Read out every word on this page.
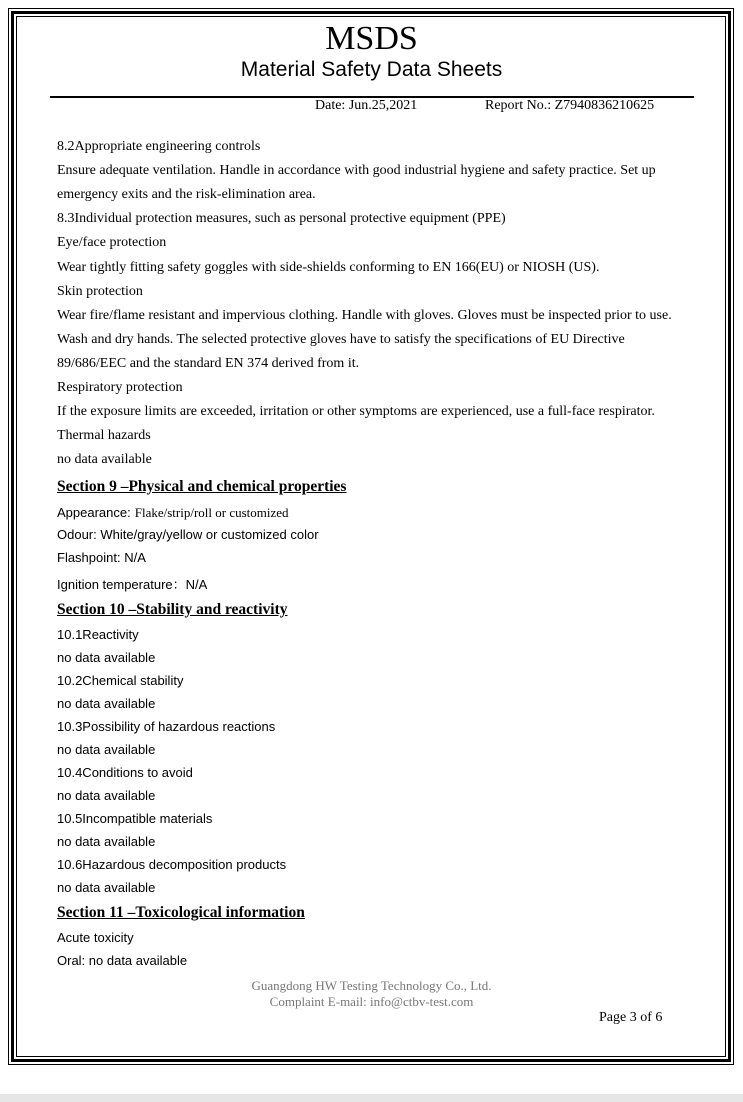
MSDS
Material Safety Data Sheets
Date: Jun.25,2021	Report No.: Z7940836210625
8.2Appropriate engineering controls
Ensure adequate ventilation. Handle in accordance with good industrial hygiene and safety practice. Set up
emergency exits and the risk-elimination area.
8.3Individual protection measures, such as personal protective equipment (PPE)
Eye/face protection
Wear tightly fitting safety goggles with side-shields conforming to EN 166(EU) or NIOSH (US).
Skin protection
Wear fire/flame resistant and impervious clothing. Handle with gloves. Gloves must be inspected prior to use.
Wash and dry hands. The selected protective gloves have to satisfy the specifications of EU Directive
89/686/EEC and the standard EN 374 derived from it.
Respiratory protection
If the exposure limits are exceeded, irritation or other symptoms are experienced, use a full-face respirator.
Thermal hazards
no data available
Section 9 –Physical and chemical properties
Appearance: Flake/strip/roll or customized
Odour: White/gray/yellow or customized color
Flashpoint: N/A
Ignition temperature：N/A
Section 10 –Stability and reactivity
10.1Reactivity
no data available
10.2Chemical stability
no data available
10.3Possibility of hazardous reactions
no data available
10.4Conditions to avoid
no data available
10.5Incompatible materials
no data available
10.6Hazardous decomposition products
no data available
Section 11 –Toxicological information
Acute toxicity
Oral: no data available
Guangdong HW Testing Technology Co., Ltd.
Complaint E-mail: info@ctbv-test.com
Page 3 of 6
